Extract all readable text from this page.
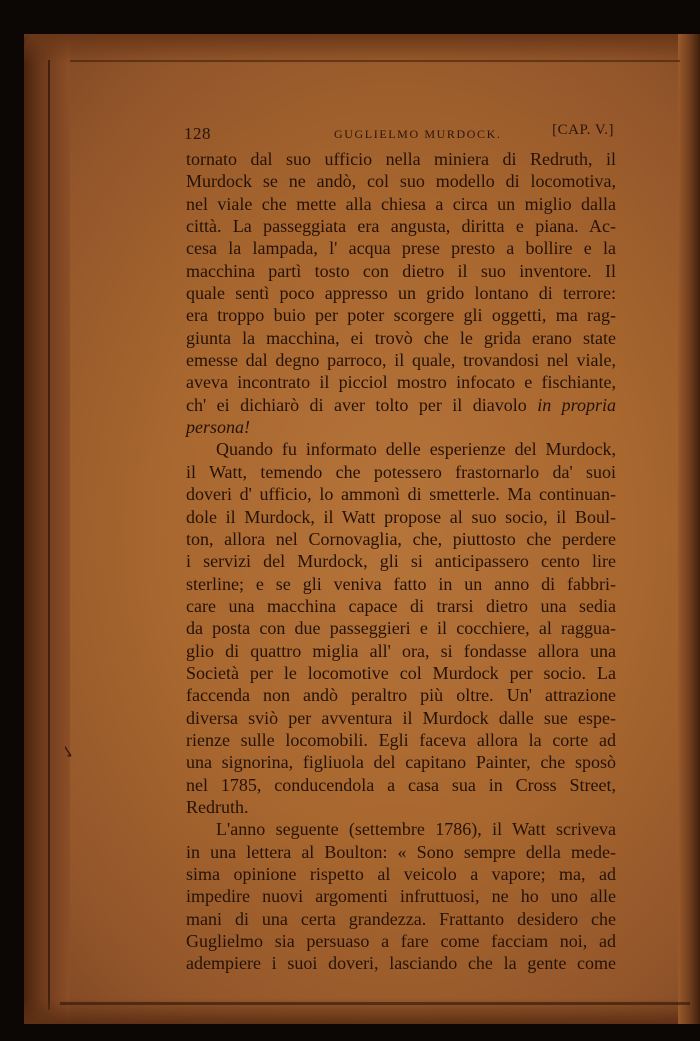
✓
128	GUGLIELMO MURDOCK.	[CAP. V.]
tornato dal suo ufficio nella miniera di Redruth, il
Murdock se ne andò, col suo modello di locomotiva,
nel viale che mette alla chiesa a circa un miglio dalla
città. La passeggiata era angusta, diritta e piana. Ac-
cesa la lampada, l' acqua prese presto a bollire e la
macchina partì tosto con dietro il suo inventore. Il
quale sentì poco appresso un grido lontano di terrore:
era troppo buio per poter scorgere gli oggetti, ma rag-
giunta la macchina, ei trovò che le grida erano state
emesse dal degno parroco, il quale, trovandosi nel viale,
aveva incontrato il picciol mostro infocato e fischiante,
ch' ei dichiarò di aver tolto per il diavolo in propria
persona!
Quando fu informato delle esperienze del Murdock,
il Watt, temendo che potessero frastornarlo da' suoi
doveri d' ufficio, lo ammonì di smetterle. Ma continuan-
dole il Murdock, il Watt propose al suo socio, il Boul-
ton, allora nel Cornovaglia, che, piuttosto che perdere
i servizi del Murdock, gli si anticipassero cento lire
sterline; e se gli veniva fatto in un anno di fabbri-
care una macchina capace di trarsi dietro una sedia
da posta con due passeggieri e il cocchiere, al ragguа-
glio di quattro miglia all' ora, si fondasse allora una
Società per le locomotive col Murdock per socio. La
faccenda non andò peraltro più oltre. Un' attrazione
diversa sviò per avventura il Murdock dalle sue espe-
rienze sulle locomobili. Egli faceva allora la corte ad
una signorina, figliuola del capitano Painter, che sposò
nel 1785, conducendola a casa sua in Cross Street,
Redruth.
L'anno seguente (settembre 1786), il Watt scriveva
in una lettera al Boulton: « Sono sempre della mede-
sima opinione rispetto al veicolo a vapore; ma, ad
impedire nuovi argomenti infruttuosi, ne ho uno alle
mani di una certa grandezza. Frattanto desidero che
Guglielmo sia persuaso a fare come facciam noi, ad
adempiere i suoi doveri, lasciando che la gente come
